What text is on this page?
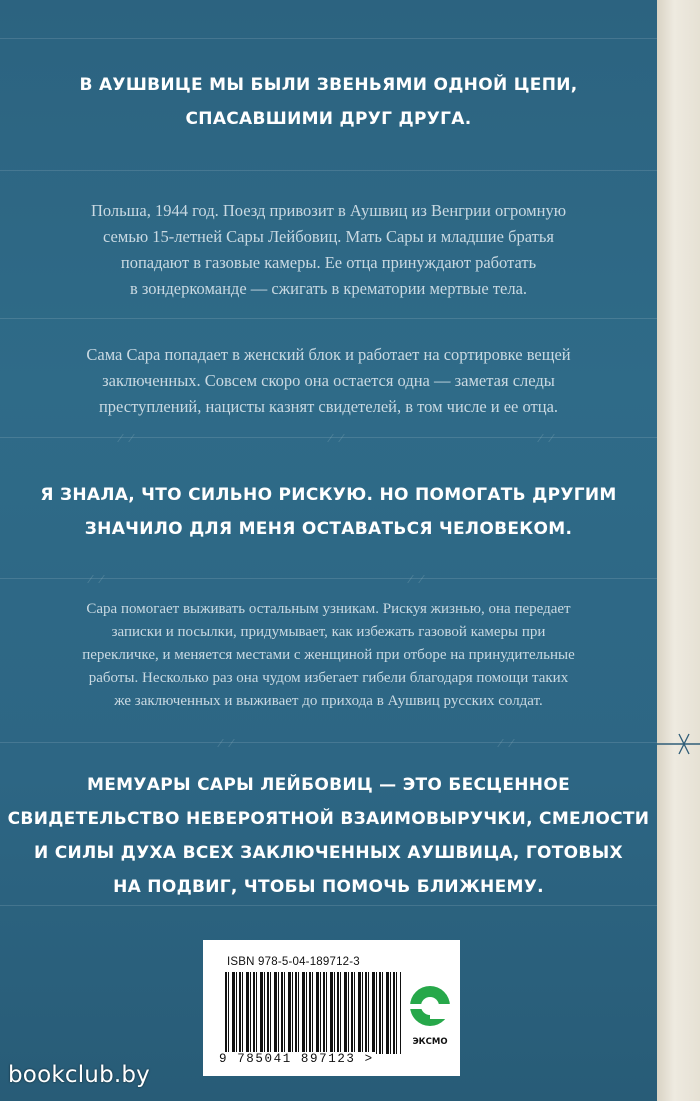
В АУШВИЦЕ МЫ БЫЛИ ЗВЕНЬЯМИ ОДНОЙ ЦЕПИ,
СПАСАВШИМИ ДРУГ ДРУГА.
Польша, 1944 год. Поезд привозит в Аушвиц из Венгрии огромную
семью 15-летней Сары Лейбовиц. Мать Сары и младшие братья
попадают в газовые камеры. Ее отца принуждают работать
в зондеркоманде — сжигать в крематории мертвые тела.
Сама Сара попадает в женский блок и работает на сортировке вещей
заключенных. Совсем скоро она остается одна — заметая следы
преступлений, нацисты казнят свидетелей, в том числе и ее отца.
Я ЗНАЛА, ЧТО СИЛЬНО РИСКУЮ. НО ПОМОГАТЬ ДРУГИМ
ЗНАЧИЛО ДЛЯ МЕНЯ ОСТАВАТЬСЯ ЧЕЛОВЕКОМ.
Сара помогает выживать остальным узникам. Рискуя жизнью, она передает
записки и посылки, придумывает, как избежать газовой камеры при
перекличке, и меняется местами с женщиной при отборе на принудительные
работы. Несколько раз она чудом избегает гибели благодаря помощи таких
же заключенных и выживает до прихода в Аушвиц русских солдат.
МЕМУАРЫ САРЫ ЛЕЙБОВИЦ — ЭТО БЕСЦЕННОЕ
СВИДЕТЕЛЬСТВО НЕВЕРОЯТНОЙ ВЗАИМОВЫРУЧКИ, СМЕЛОСТИ
И СИЛЫ ДУХА ВСЕХ ЗАКЛЮЧЕННЫХ АУШВИЦА, ГОТОВЫХ
НА ПОДВИГ, ЧТОБЫ ПОМОЧЬ БЛИЖНЕМУ.
ISBN 978-5-04-189712-3
9 785041 897123 >
ЭКСМО
bookclub.by
